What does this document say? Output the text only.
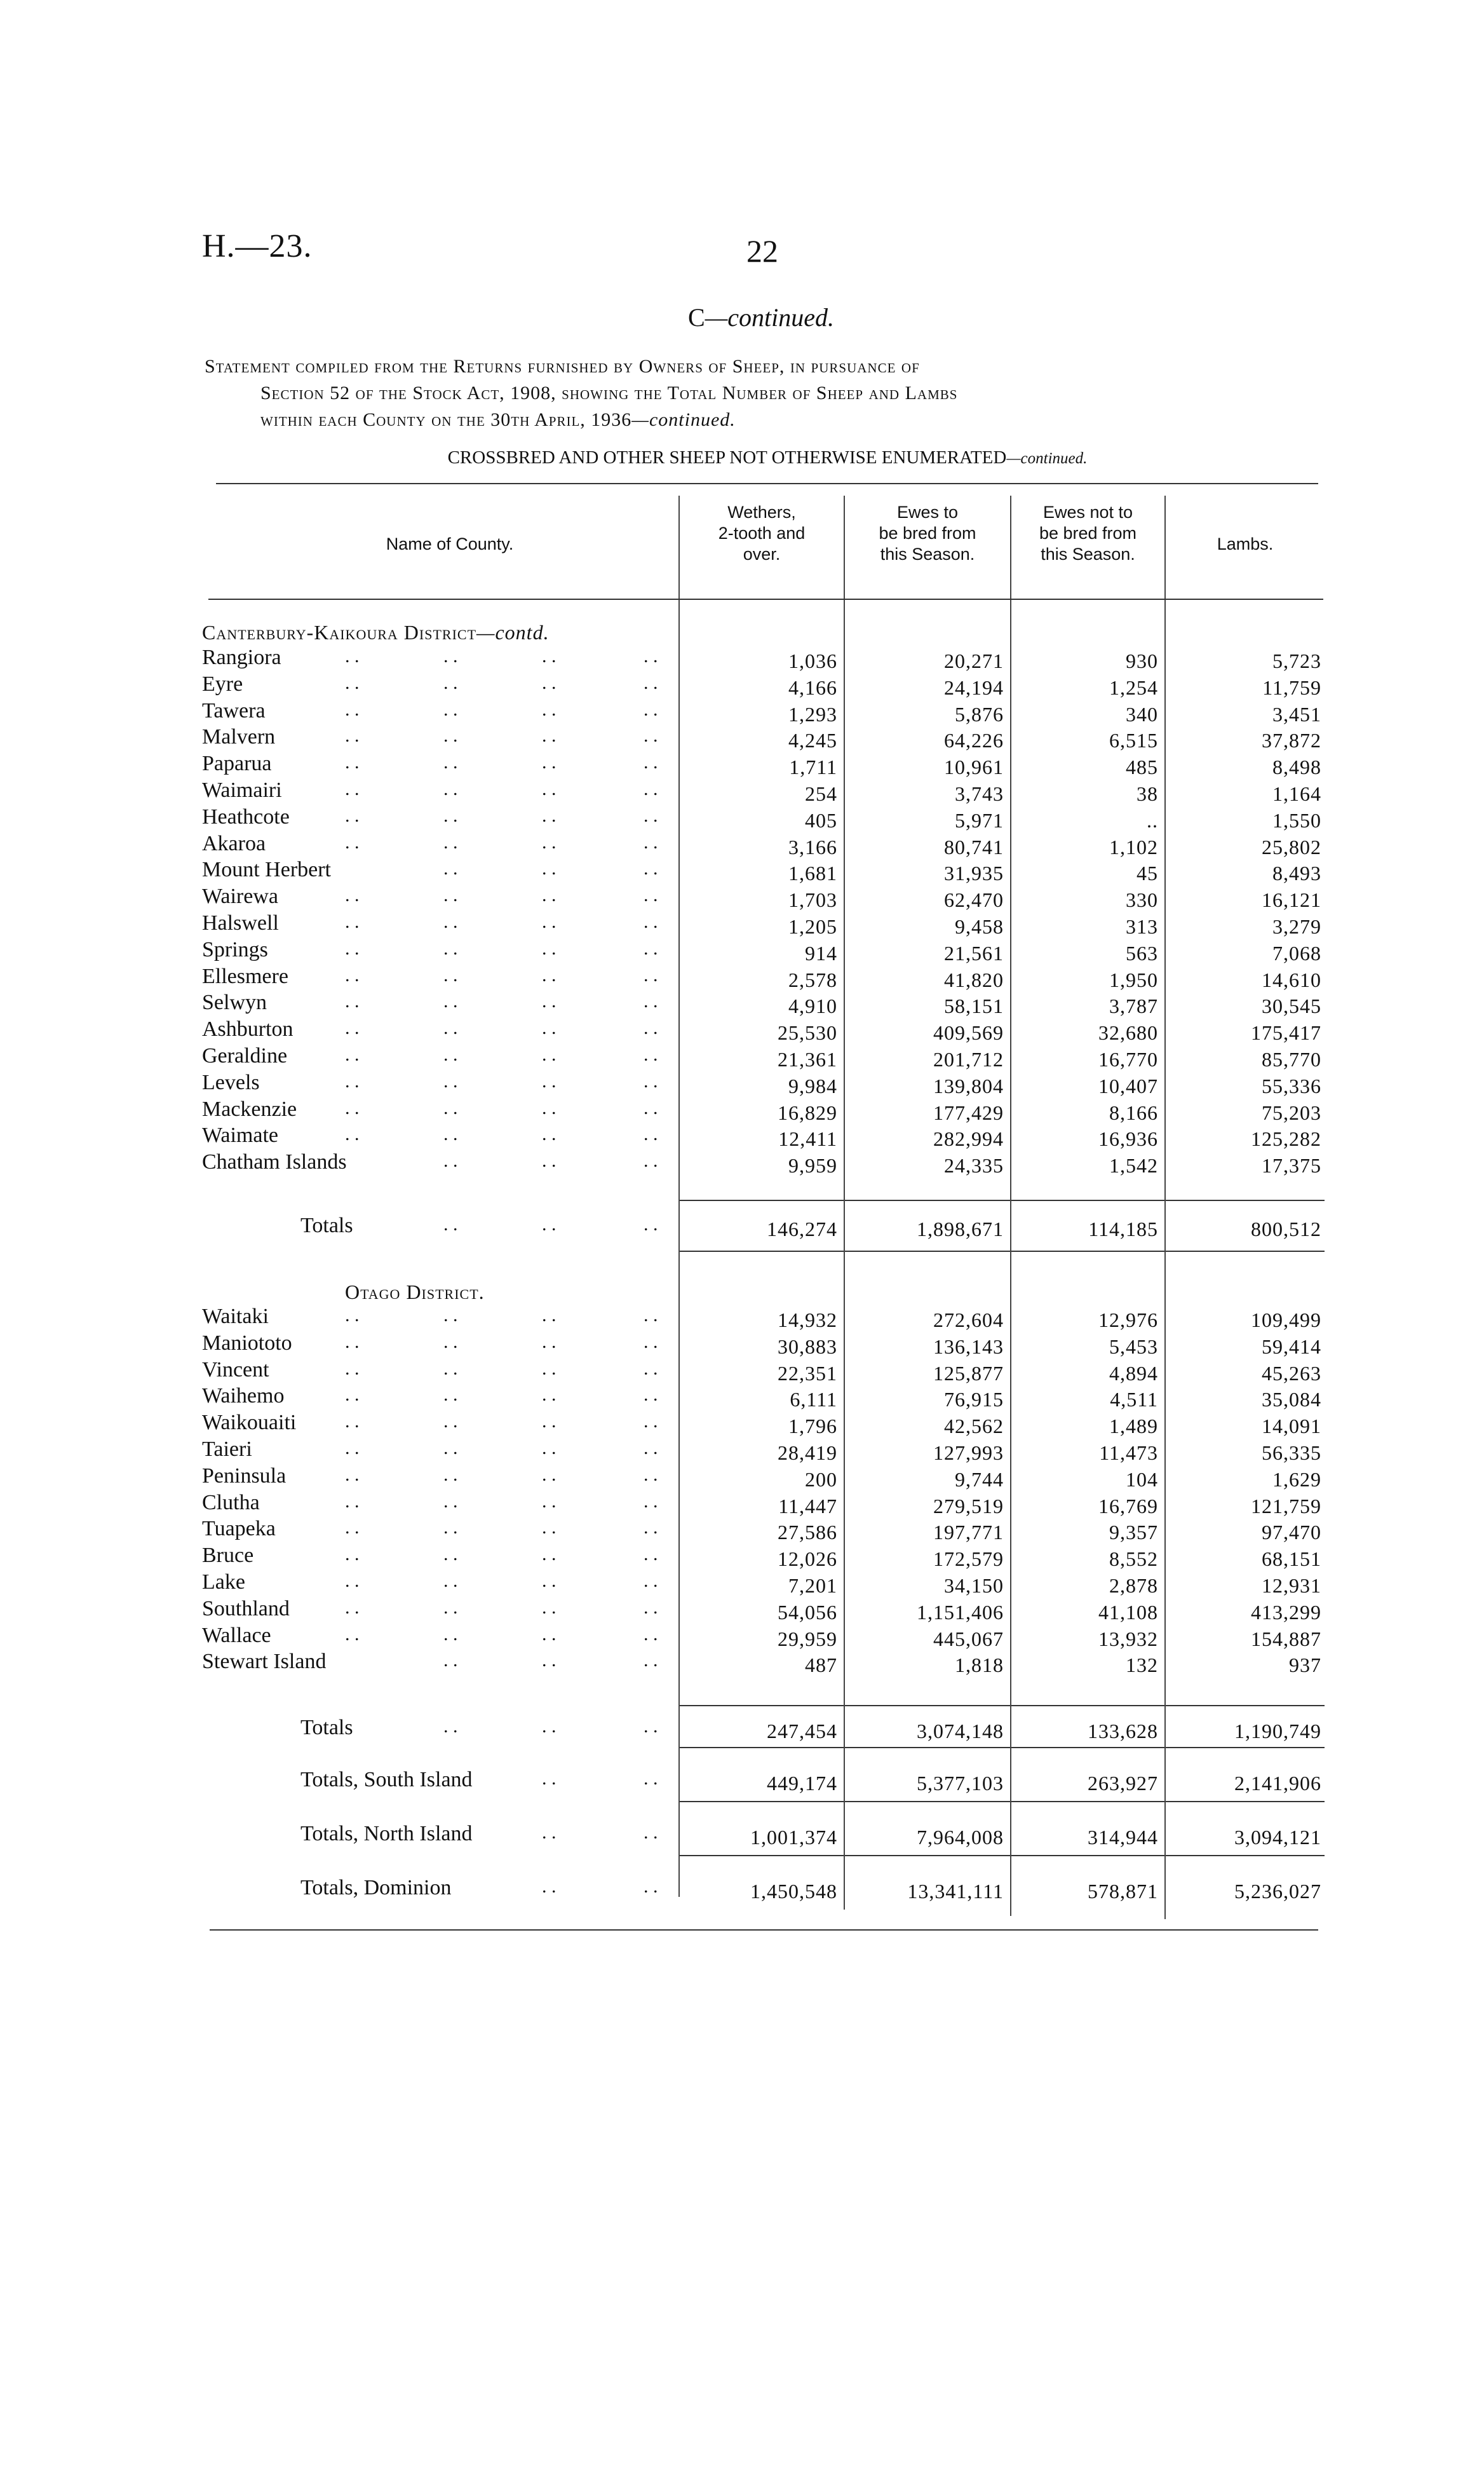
H.—23.	22
C—continued.
Statement compiled from the Returns furnished by Owners of Sheep, in pursuance of
Section 52 of the Stock Act, 1908, showing the Total Number of Sheep and Lambs
within each County on the 30th April, 1936—continued.
CROSSBRED AND OTHER SHEEP NOT OTHERWISE ENUMERATED—continued.
Name of County.
Wethers,
2-tooth and
over.
Ewes to
be bred from
this Season.
Ewes not to
be bred from
this Season.
Lambs.
Canterbury-Kaikoura District—contd.
Rangiora	. .	. .	. .	. .	1,036	20,271	930	5,723
Eyre	. .	. .	. .	. .	4,166	24,194	1,254	11,759
Tawera	. .	. .	. .	. .	1,293	5,876	340	3,451
Malvern	. .	. .	. .	. .	4,245	64,226	6,515	37,872
Paparua	. .	. .	. .	. .	1,711	10,961	485	8,498
Waimairi	. .	. .	. .	. .	254	3,743	38	1,164
Heathcote	. .	. .	. .	. .	405	5,971	..	1,550
Akaroa	. .	. .	. .	. .	3,166	80,741	1,102	25,802
Mount Herbert	. .	. .	. .	1,681	31,935	45	8,493
Wairewa	. .	. .	. .	. .	1,703	62,470	330	16,121
Halswell	. .	. .	. .	. .	1,205	9,458	313	3,279
Springs	. .	. .	. .	. .	914	21,561	563	7,068
Ellesmere	. .	. .	. .	. .	2,578	41,820	1,950	14,610
Selwyn	. .	. .	. .	. .	4,910	58,151	3,787	30,545
Ashburton	. .	. .	. .	. .	25,530	409,569	32,680	175,417
Geraldine	. .	. .	. .	. .	21,361	201,712	16,770	85,770
Levels	. .	. .	. .	. .	9,984	139,804	10,407	55,336
Mackenzie	. .	. .	. .	. .	16,829	177,429	8,166	75,203
Waimate	. .	. .	. .	. .	12,411	282,994	16,936	125,282
Chatham Islands	. .	. .	. .	9,959	24,335	1,542	17,375
Totals	. .	. .	. .	146,274	1,898,671	114,185	800,512
Otago District.
Waitaki	. .	. .	. .	. .	14,932	272,604	12,976	109,499
Maniototo	. .	. .	. .	. .	30,883	136,143	5,453	59,414
Vincent	. .	. .	. .	. .	22,351	125,877	4,894	45,263
Waihemo	. .	. .	. .	. .	6,111	76,915	4,511	35,084
Waikouaiti	. .	. .	. .	. .	1,796	42,562	1,489	14,091
Taieri	. .	. .	. .	. .	28,419	127,993	11,473	56,335
Peninsula	. .	. .	. .	. .	200	9,744	104	1,629
Clutha	. .	. .	. .	. .	11,447	279,519	16,769	121,759
Tuapeka	. .	. .	. .	. .	27,586	197,771	9,357	97,470
Bruce	. .	. .	. .	. .	12,026	172,579	8,552	68,151
Lake	. .	. .	. .	. .	7,201	34,150	2,878	12,931
Southland	. .	. .	. .	. .	54,056	1,151,406	41,108	413,299
Wallace	. .	. .	. .	. .	29,959	445,067	13,932	154,887
Stewart Island	. .	. .	. .	487	1,818	132	937
Totals	. .	. .	. .	247,454	3,074,148	133,628	1,190,749
Totals, South Island	. .	. .	449,174	5,377,103	263,927	2,141,906
Totals, North Island	. .	. .	1,001,374	7,964,008	314,944	3,094,121
Totals, Dominion	. .	. .	1,450,548	13,341,111	578,871	5,236,027
